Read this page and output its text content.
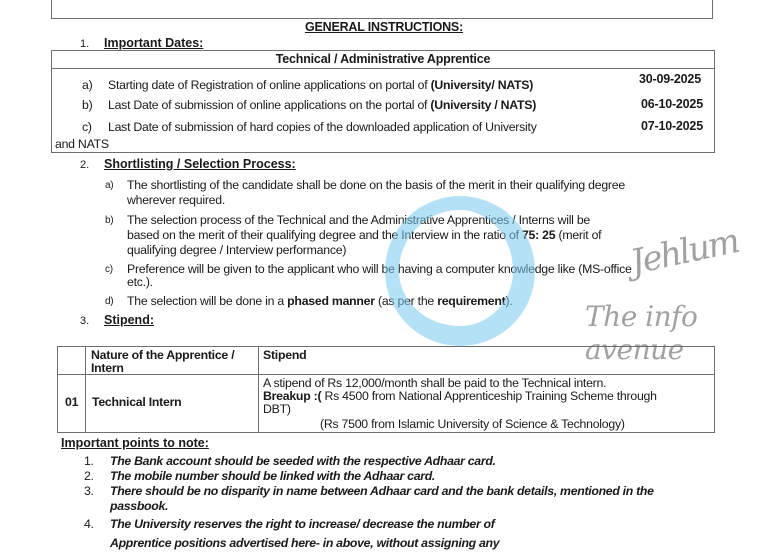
GENERAL INSTRUCTIONS:
1. Important Dates:
Technical / Administrative Apprentice
a) Starting date of Registration of online applications on portal of (University/ NATS)	30-09-2025
b) Last Date of submission of online applications on the portal of (University / NATS)	06-10-2025
c) Last Date of submission of hard copies of the downloaded application of University
and NATS
07-10-2025
2. Shortlisting / Selection Process:
a) The shortlisting of the candidate shall be done on the basis of the merit in their qualifying degree
wherever required.
b) The selection process of the Technical and the Administrative Apprentices / Interns will be
based on the merit of their qualifying degree and the Interview in the ratio of 75: 25 (merit of
qualifying degree / Interview performance)
c) Preference will be given to the applicant who will be having a computer knowledge like (MS-office
etc.).
d) The selection will be done in a phased manner (as per the requirement).
3. Stipend:
Nature of the Apprentice / Intern
Stipend
01 Technical Intern
A stipend of Rs 12,000/month shall be paid to the Technical intern.
Breakup :( Rs 4500 from National Apprenticeship Training Scheme through
DBT)
(Rs 7500 from Islamic University of Science & Technology)
Important points to note:
1. The Bank account should be seeded with the respective Adhaar card.
2. The mobile number should be linked with the Adhaar card.
3. There should be no disparity in name between Adhaar card and the bank details, mentioned in the
passbook.
4. The University reserves the right to increase/ decrease the number of
Apprentice positions advertised here- in above, without assigning any
Jehlum
The info avenue
